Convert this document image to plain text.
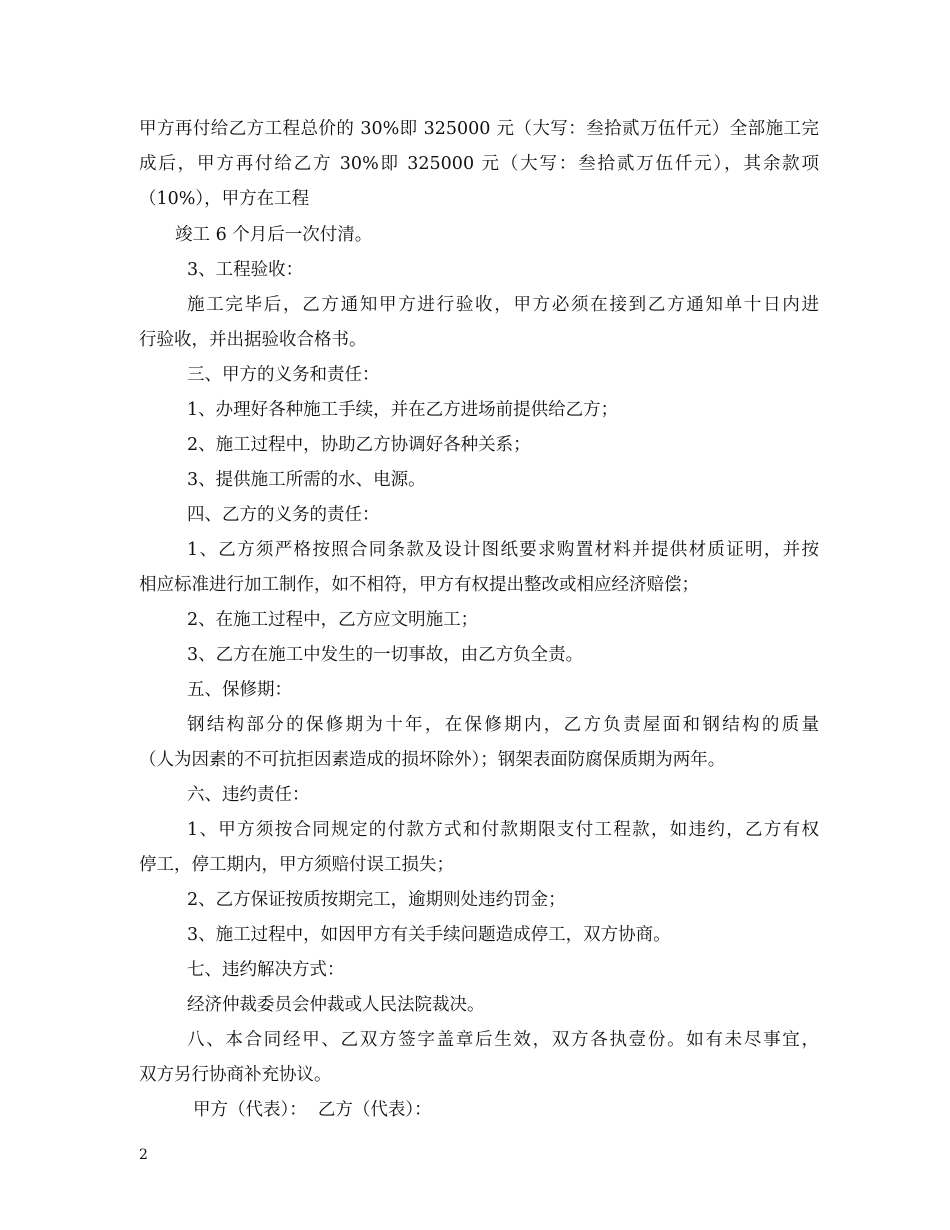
甲方再付给乙方工程总价的 30%即 325000 元（大写：叁拾贰万伍仟元）全部施工完
成后，甲方再付给乙方 30%即 325000 元（大写：叁拾贰万伍仟元），其余款项
（10%），甲方在工程
竣工 6 个月后一次付清。
3、工程验收：
施工完毕后，乙方通知甲方进行验收，甲方必须在接到乙方通知单十日内进
行验收，并出据验收合格书。
三、甲方的义务和责任：
1、办理好各种施工手续，并在乙方进场前提供给乙方；
2、施工过程中，协助乙方协调好各种关系；
3、提供施工所需的水、电源。
四、乙方的义务的责任：
1、乙方须严格按照合同条款及设计图纸要求购置材料并提供材质证明，并按
相应标准进行加工制作，如不相符，甲方有权提出整改或相应经济赔偿；
2、在施工过程中，乙方应文明施工；
3、乙方在施工中发生的一切事故，由乙方负全责。
五、保修期：
钢结构部分的保修期为十年，在保修期内，乙方负责屋面和钢结构的质量
（人为因素的不可抗拒因素造成的损坏除外）；钢架表面防腐保质期为两年。
六、违约责任：
1、甲方须按合同规定的付款方式和付款期限支付工程款，如违约，乙方有权
停工，停工期内，甲方须赔付误工损失；
2、乙方保证按质按期完工，逾期则处违约罚金；
3、施工过程中，如因甲方有关手续问题造成停工，双方协商。
七、违约解决方式：
经济仲裁委员会仲裁或人民法院裁决。
八、本合同经甲、乙双方签字盖章后生效，双方各执壹份。如有未尽事宜，
双方另行协商补充协议。
甲方（代表）：  乙方（代表）：
2
